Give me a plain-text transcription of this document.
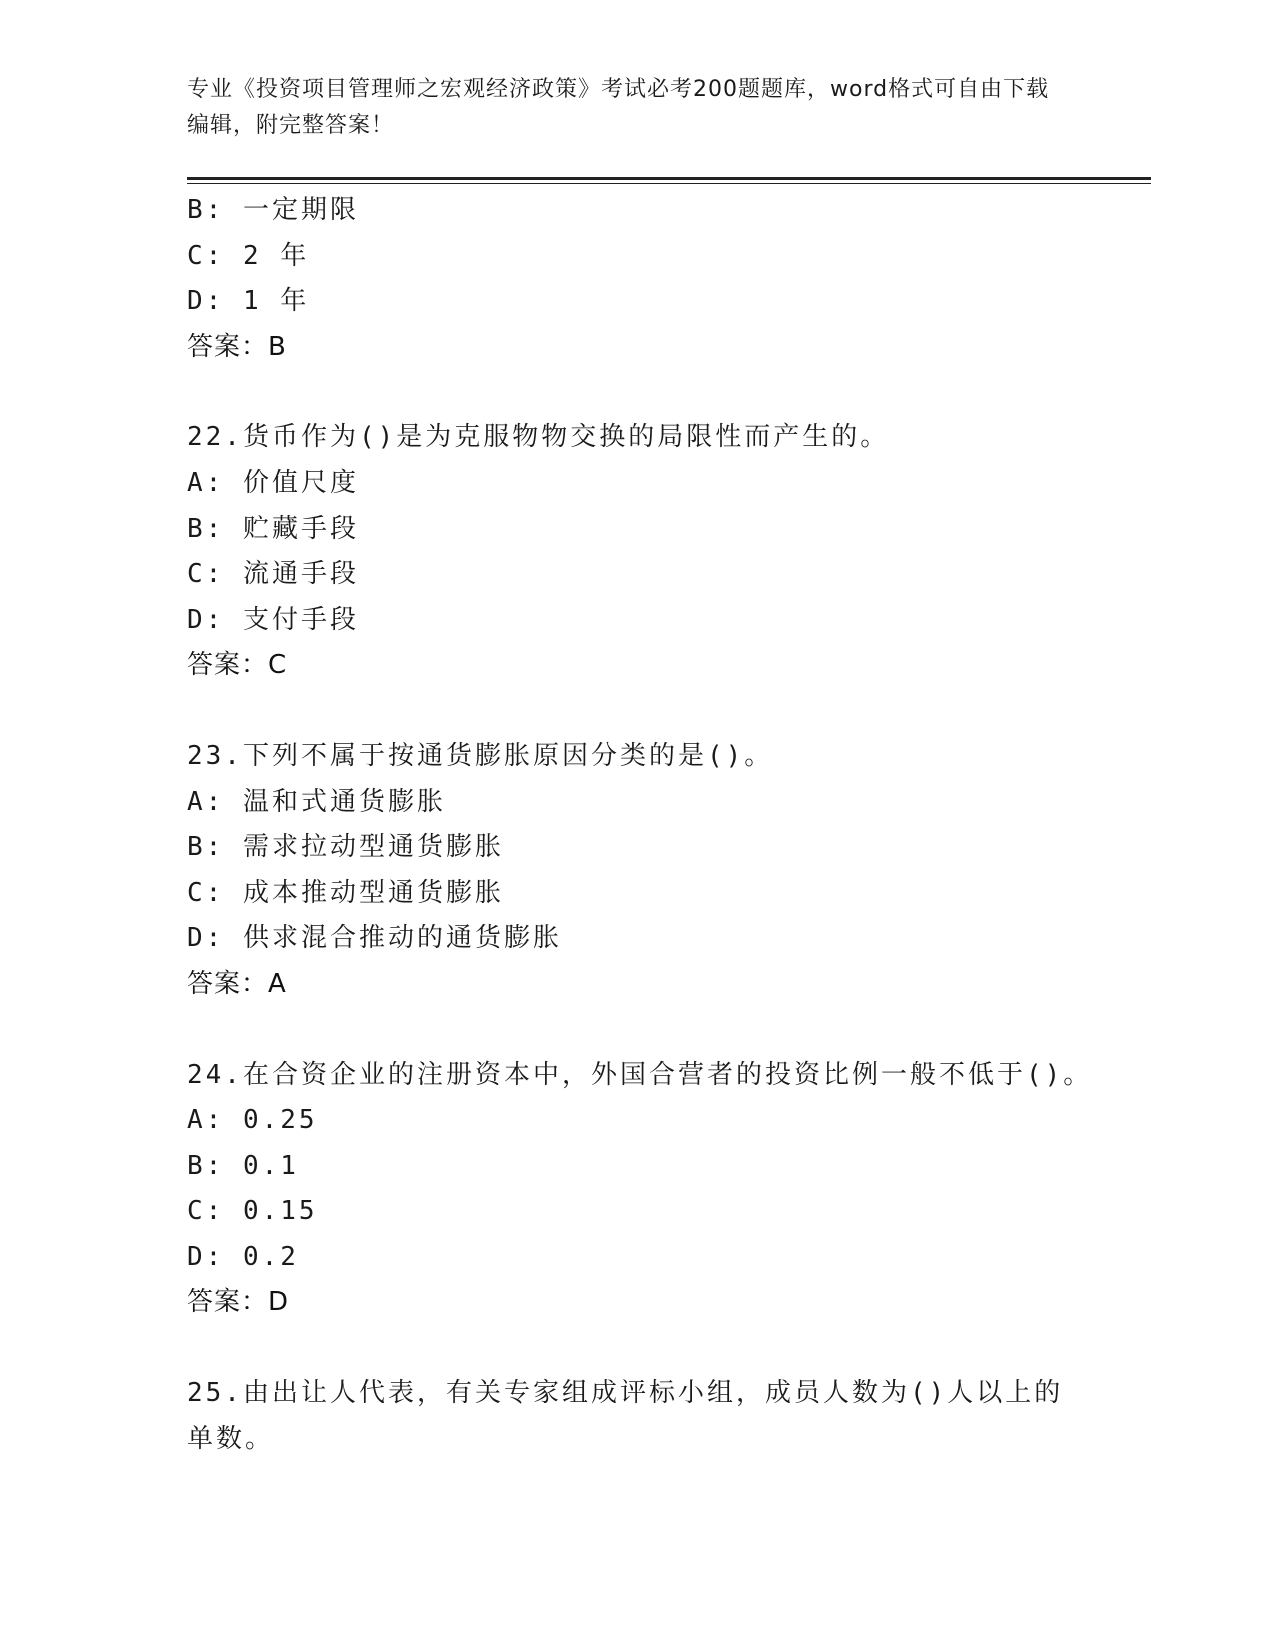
专业《投资项目管理师之宏观经济政策》考试必考200题题库，word格式可自由下载编辑，附完整答案！
B: 一定期限
C: 2 年
D: 1 年
答案：B
22.货币作为()是为克服物物交换的局限性而产生的。
A: 价值尺度
B: 贮藏手段
C: 流通手段
D: 支付手段
答案：C
23.下列不属于按通货膨胀原因分类的是()。
A: 温和式通货膨胀
B: 需求拉动型通货膨胀
C: 成本推动型通货膨胀
D: 供求混合推动的通货膨胀
答案：A
24.在合资企业的注册资本中，外国合营者的投资比例一般不低于()。
A: 0.25
B: 0.1
C: 0.15
D: 0.2
答案：D
25.由出让人代表，有关专家组成评标小组，成员人数为()人以上的单数。
